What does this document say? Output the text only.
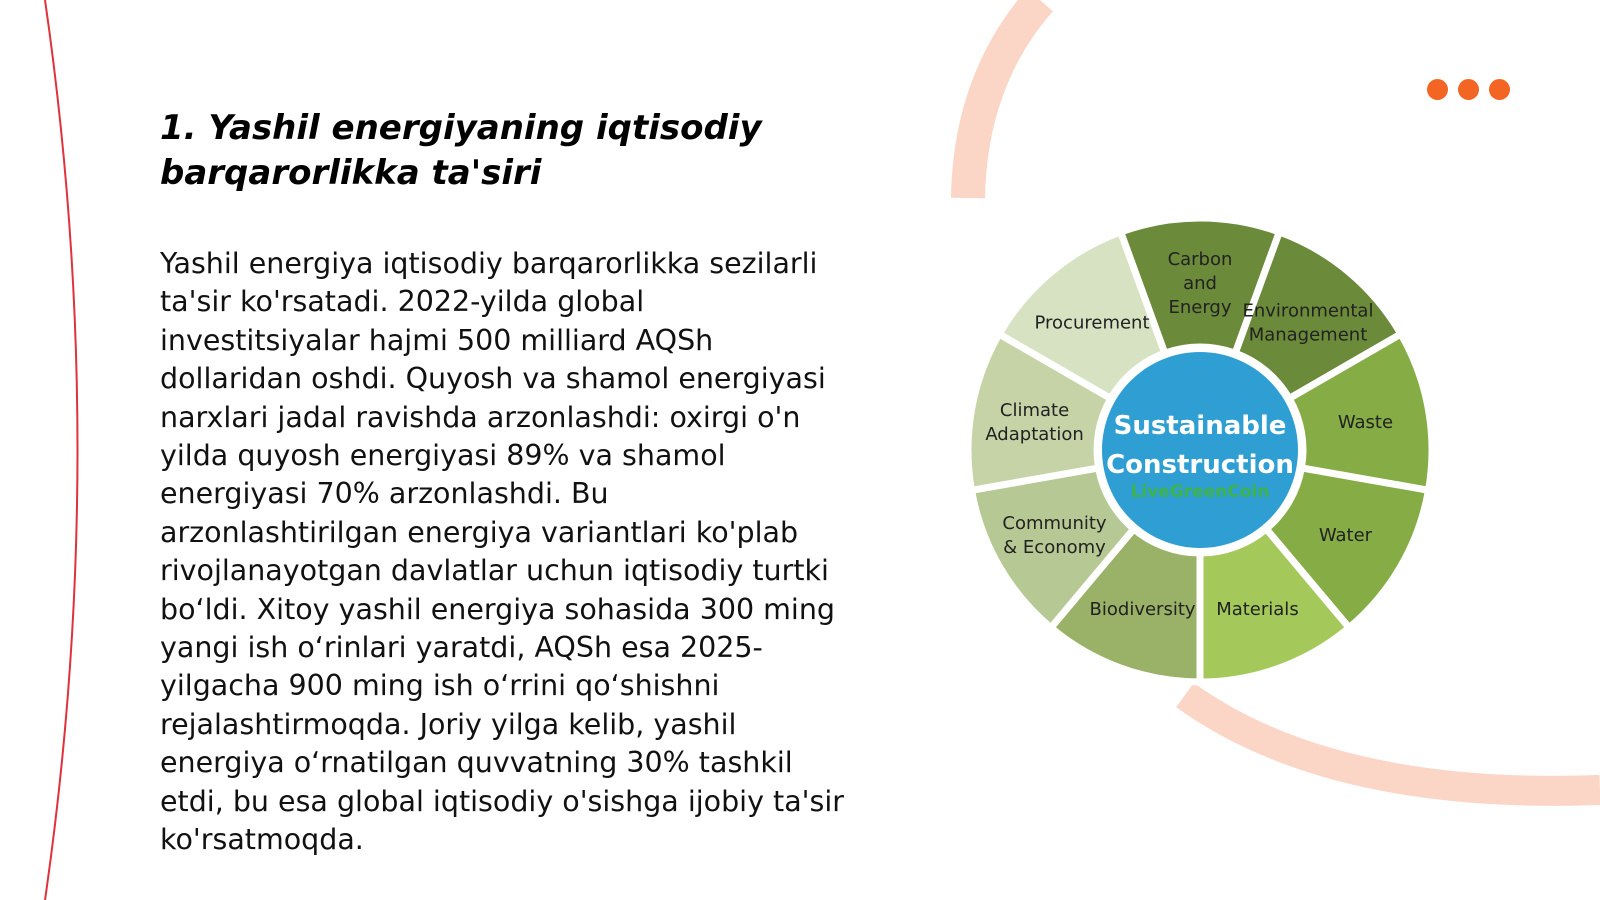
1. Yashil energiyaning iqtisodiy
barqarorlikka ta'siri

Yashil energiya iqtisodiy barqarorlikka sezilarli ta'sir ko'rsatadi. 2022-yilda global investitsiyalar hajmi 500 milliard AQSh dollaridan oshdi. Quyosh va shamol energiyasi narxlari jadal ravishda arzonlashdi: oxirgi o'n yilda quyosh energiyasi 89% va shamol energiyasi 70% arzonlashdi. Bu arzonlashtirilgan energiya variantlari ko'plab rivojlanayotgan davlatlar uchun iqtisodiy turtki boʻldi. Xitoy yashil energiya sohasida 300 ming yangi ish oʻrinlari yaratdi, AQSh esa 2025-yilgacha 900 ming ish oʻrrini qoʻshishni rejalashtirmoqda. Joriy yilga kelib, yashil energiya oʻrnatilgan quvvatning 30% tashkil etdi, bu esa global iqtisodiy o'sishga ijobiy ta'sir ko'rsatmoqda.

Carbon
and
Energy Environmental
Management
Waste
Water
Materials
Biodiversity
Community
& Economy
Climate
Adaptation
Procurement
Sustainable
Construction
LiveGreenCoin
